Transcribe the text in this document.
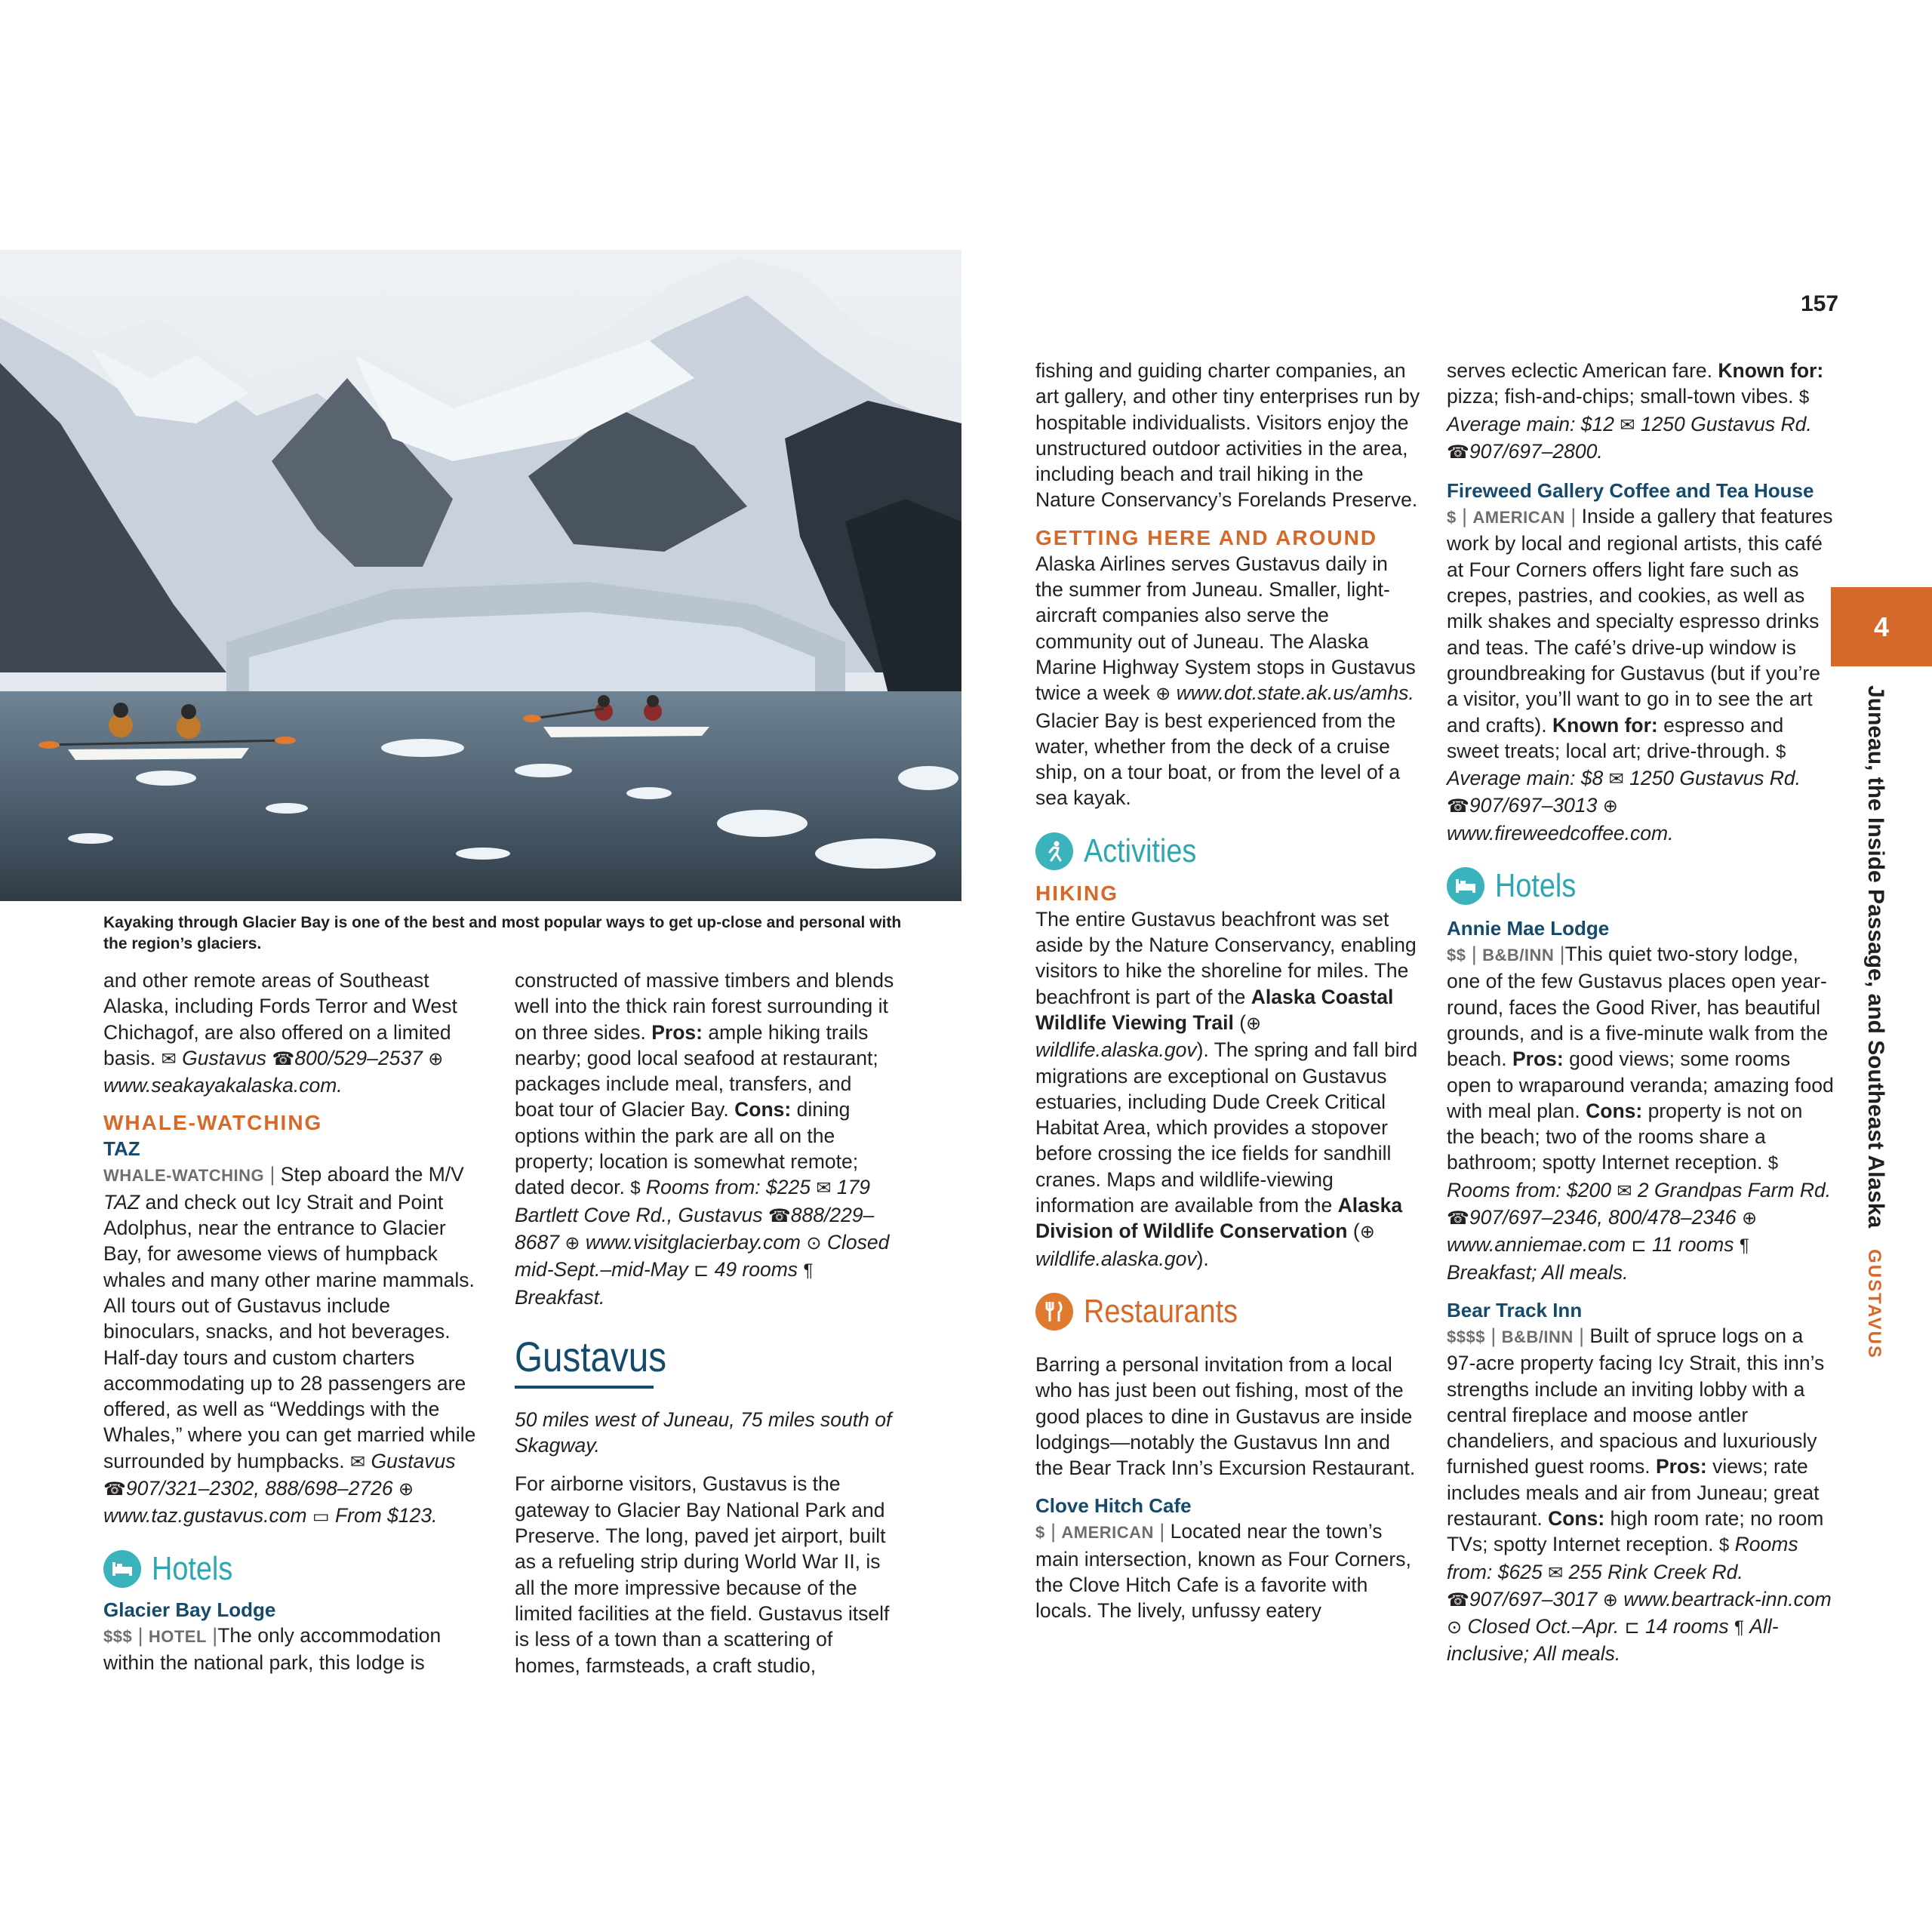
Kayaking through Glacier Bay is one of the best and most popular ways to get up-close and personal with the region’s glaciers.
157
4
Juneau, the Inside Passage, and Southeast AlaskaGUSTAVUS

and other remote areas of Southeast Alaska, including Fords Terror and West Chichagof, are also offered on a limited basis. ✉ Gustavus ☎800/529–2537 ⊕ www.seakayakalaska.com.

WHALE-WATCHING
TAZ

WHALE-WATCHING | Step aboard the M/V TAZ and check out Icy Strait and Point Adolphus, near the entrance to Glacier Bay, for awesome views of humpback whales and many other marine mammals. All tours out of Gustavus include binoculars, snacks, and hot beverages. Half-day tours and custom charters accommodating up to 28 passengers are offered, as well as “Weddings with the Whales,” where you can get married while surrounded by humpbacks. ✉ Gustavus ☎907/321–2302, 888/698–2726 ⊕ www.taz.gustavus.com ▭ From $123.

Hotels
Glacier Bay Lodge

$$$ | HOTEL |The only accommodation within the national park, this lodge is

constructed of massive timbers and blends well into the thick rain forest surrounding it on three sides. Pros: ample hiking trails nearby; good local seafood at restaurant; packages include meal, transfers, and boat tour of Glacier Bay. Cons: dining options within the park are all on the property; location is somewhat remote; dated decor. $ Rooms from: $225 ✉ 179 Bartlett Cove Rd., Gustavus ☎888/229–8687 ⊕ www.visitglacierbay.com ⊙ Closed mid-Sept.–mid-May ⊏ 49 rooms ¶ Breakfast.

Gustavus

50 miles west of Juneau, 75 miles south of Skagway.

For airborne visitors, Gustavus is the gateway to Glacier Bay National Park and Preserve. The long, paved jet airport, built as a refueling strip during World War II, is all the more impressive because of the limited facilities at the field. Gustavus itself is less of a town than a scattering of homes, farmsteads, a craft studio,

fishing and guiding charter companies, an art gallery, and other tiny enterprises run by hospitable individualists. Visitors enjoy the unstructured outdoor activities in the area, including beach and trail hiking in the Nature Conservancy’s Forelands Preserve.

GETTING HERE AND AROUND

Alaska Airlines serves Gustavus daily in the summer from Juneau. Smaller, light-aircraft companies also serve the community out of Juneau. The Alaska Marine Highway System stops in Gustavus twice a week ⊕ www.dot.state.ak.us/amhs. Glacier Bay is best experienced from the water, whether from the deck of a cruise ship, on a tour boat, or from the level of a sea kayak.

Activities
HIKING

The entire Gustavus beachfront was set aside by the Nature Conservancy, enabling visitors to hike the shoreline for miles. The beachfront is part of the Alaska Coastal Wildlife Viewing Trail (⊕ wildlife.alaska.gov). The spring and fall bird migrations are exceptional on Gustavus estuaries, including Dude Creek Critical Habitat Area, which provides a stopover before crossing the ice fields for sandhill cranes. Maps and wildlife-viewing information are available from the Alaska Division of Wildlife Conservation (⊕ wildlife.alaska.gov).

Restaurants

Barring a personal invitation from a local who has just been out fishing, most of the good places to dine in Gustavus are inside lodgings—notably the Gustavus Inn and the Bear Track Inn’s Excursion Restaurant.

Clove Hitch Cafe

$ | AMERICAN | Located near the town’s main intersection, known as Four Corners, the Clove Hitch Cafe is a favorite with locals. The lively, unfussy eatery

serves eclectic American fare. Known for: pizza; fish-and-chips; small-town vibes. $ Average main: $12 ✉ 1250 Gustavus Rd. ☎907/697–2800.

Fireweed Gallery Coffee and Tea House

$ | AMERICAN | Inside a gallery that features work by local and regional artists, this café at Four Corners offers light fare such as crepes, pastries, and cookies, as well as milk shakes and specialty espresso drinks and teas. The café’s drive-up window is groundbreaking for Gustavus (but if you’re a visitor, you’ll want to go in to see the art and crafts). Known for: espresso and sweet treats; local art; drive-through. $ Average main: $8 ✉ 1250 Gustavus Rd. ☎907/697–3013 ⊕ www.fireweedcoffee.com.

Hotels
Annie Mae Lodge

$$ | B&B/INN |This quiet two-story lodge, one of the few Gustavus places open year-round, faces the Good River, has beautiful grounds, and is a five-minute walk from the beach. Pros: good views; some rooms open to wraparound veranda; amazing food with meal plan. Cons: property is not on the beach; two of the rooms share a bathroom; spotty Internet reception. $ Rooms from: $200 ✉ 2 Grandpas Farm Rd. ☎907/697–2346, 800/478–2346 ⊕ www.anniemae.com ⊏ 11 rooms ¶ Breakfast; All meals.

Bear Track Inn

$$$$ | B&B/INN | Built of spruce logs on a 97-acre property facing Icy Strait, this inn’s strengths include an inviting lobby with a central fireplace and moose antler chandeliers, and spacious and luxuriously furnished guest rooms. Pros: views; rate includes meals and air from Juneau; great restaurant. Cons: high room rate; no room TVs; spotty Internet reception. $ Rooms from: $625 ✉ 255 Rink Creek Rd. ☎907/697–3017 ⊕ www.beartrack-inn.com ⊙ Closed Oct.–Apr. ⊏ 14 rooms ¶ All-inclusive; All meals.
